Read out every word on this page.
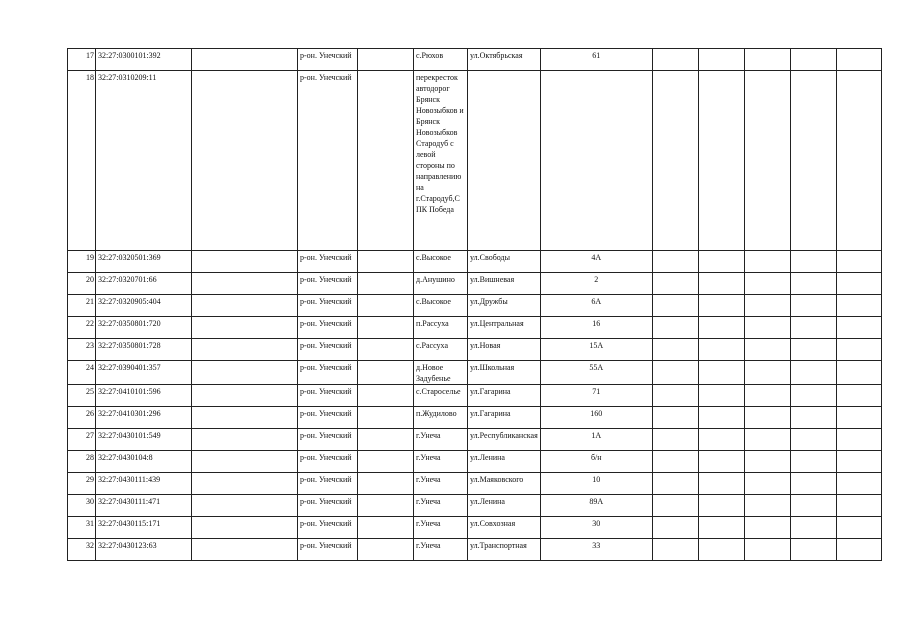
17	32:27:0300101:392		р-он. Унечский		с.Рюхов	ул.Октябрьская	61					
18	32:27:0310209:11		р-он. Унечский		перекресток автодорог Брянск Новозыбков и Брянск Новозыбков Стародуб с левой стороны по направлению на г.Стародуб,С ПК Победа							
19	32:27:0320501:369		р-он. Унечский		с.Высокое	ул.Свободы	4А					
20	32:27:0320701:66		р-он. Унечский		д.Анушино	ул.Вишневая	2					
21	32:27:0320905:404		р-он. Унечский		с.Высокое	ул.Дружбы	6А					
22	32:27:0350801:720		р-он. Унечский		п.Рассуха	ул.Центральная	16					
23	32:27:0350801:728		р-он. Унечский		с.Рассуха	ул.Новая	15А					
24	32:27:0390401:357		р-он. Унечский		д.Новое Задубенье	ул.Школьная	55А					
25	32:27:0410101:596		р-он. Унечский		с.Староселье	ул.Гагарина	71					
26	32:27:0410301:296		р-он. Унечский		п.Жудилово	ул.Гагарина	160					
27	32:27:0430101:549		р-он. Унечский		г.Унеча	ул.Республиканская	1А					
28	32:27:0430104:8		р-он. Унечский		г.Унеча	ул.Ленина	б/н					
29	32:27:0430111:439		р-он. Унечский		г.Унеча	ул.Маяковского	10					
30	32:27:0430111:471		р-он. Унечский		г.Унеча	ул.Ленина	89А					
31	32:27:0430115:171		р-он. Унечский		г.Унеча	ул.Совхозная	30					
32	32:27:0430123:63		р-он. Унечский		г.Унеча	ул.Транспортная	33					
